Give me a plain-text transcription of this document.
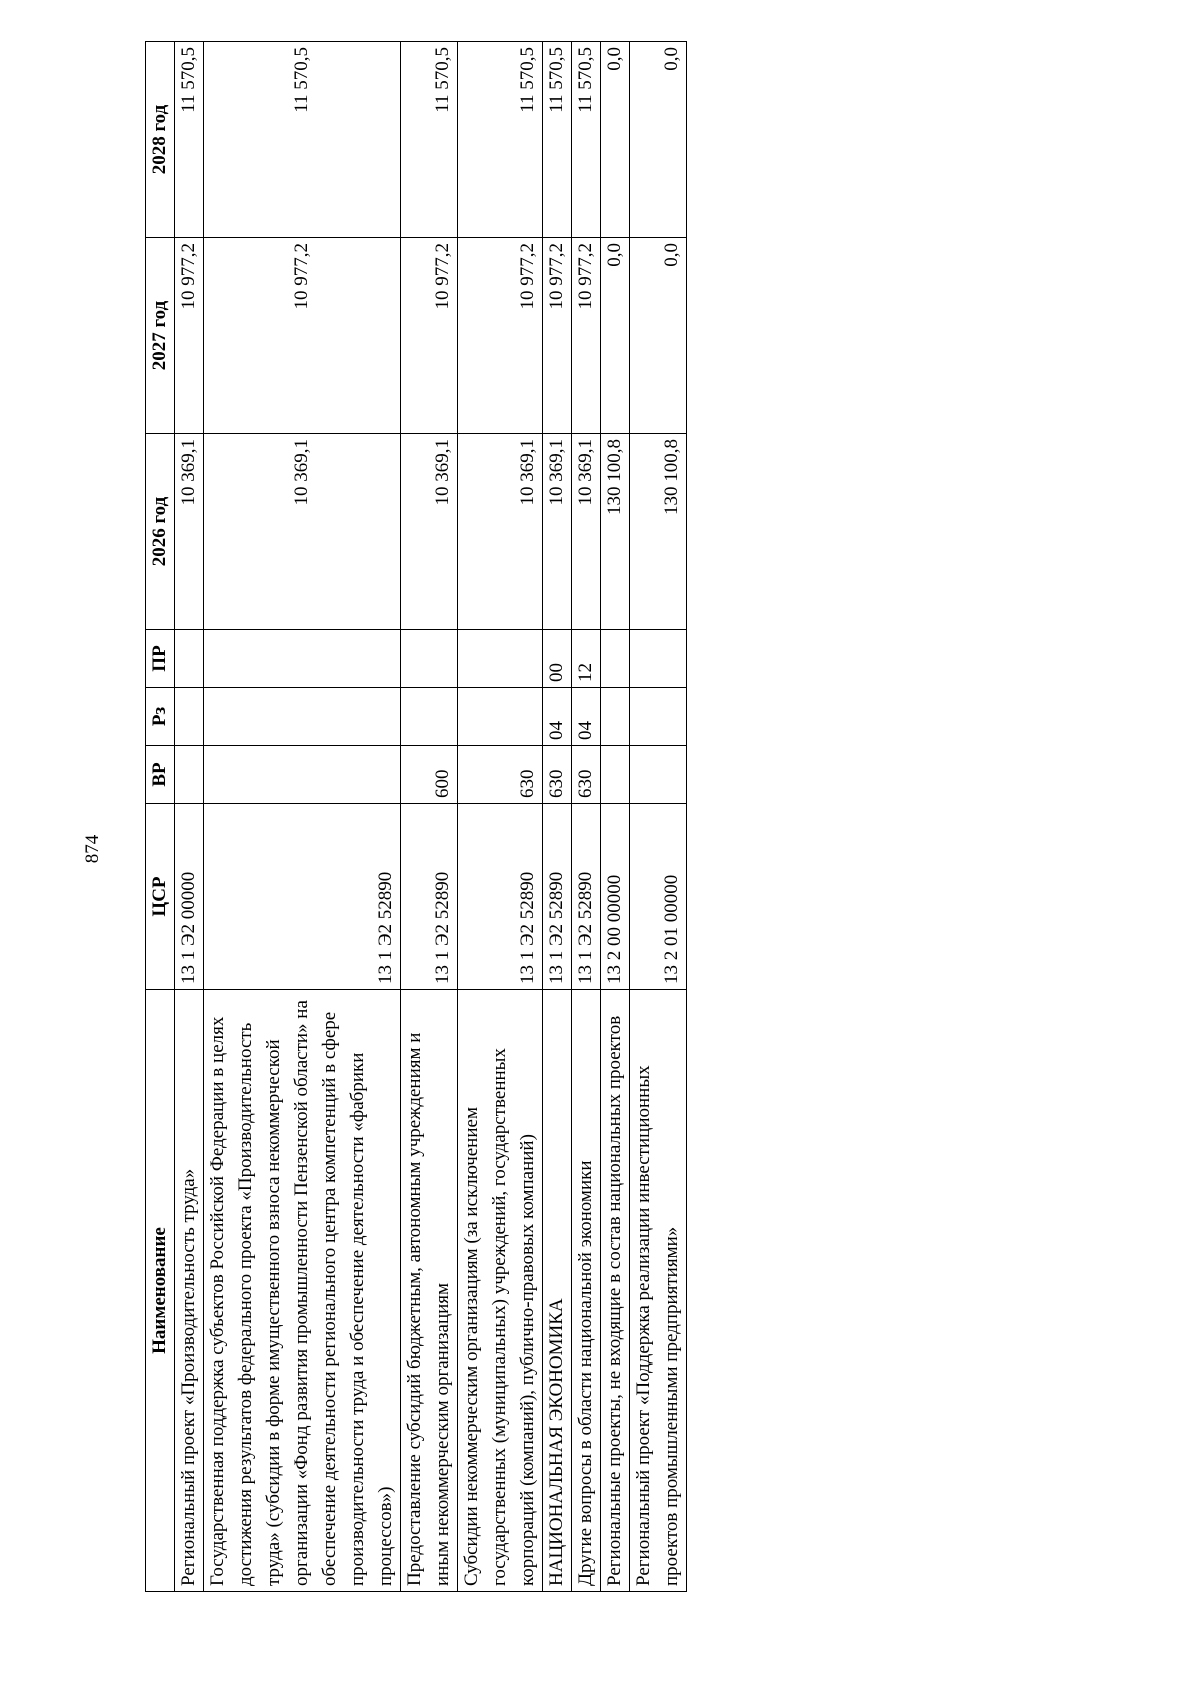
874
Наименование	ЦСР	ВР	Рз	ПР	2026 год	2027 год	2028 год
Региональный проект «Производительность труда»	13 1 Э2 00000				10 369,1	10 977,2	11 570,5
Государственная поддержка субъектов Российской Федерации в целях достижения результатов федерального проекта «Производительность труда» (субсидии в форме имущественного взноса некоммерческой организации «Фонд развития промышленности Пензенской области» на обеспечение деятельности регионального центра компетенций в сфере производительности труда и обеспечение деятельности «фабрики процессов»)	13 1 Э2 52890				10 369,1	10 977,2	11 570,5
Предоставление субсидий бюджетным, автономным учреждениям и иным некоммерческим организациям	13 1 Э2 52890	600			10 369,1	10 977,2	11 570,5
Субсидии некоммерческим организациям (за исключением государственных (муниципальных) учреждений, государственных корпораций (компаний), публично-правовых компаний)	13 1 Э2 52890	630			10 369,1	10 977,2	11 570,5
НАЦИОНАЛЬНАЯ ЭКОНОМИКА	13 1 Э2 52890	630	04	00	10 369,1	10 977,2	11 570,5
Другие вопросы в области национальной экономики	13 1 Э2 52890	630	04	12	10 369,1	10 977,2	11 570,5
Региональные проекты, не входящие в состав национальных проектов	13 2 00 00000				130 100,8	0,0	0,0
Региональный проект «Поддержка реализации инвестиционных проектов промышленными предприятиями»	13 2 01 00000				130 100,8	0,0	0,0
